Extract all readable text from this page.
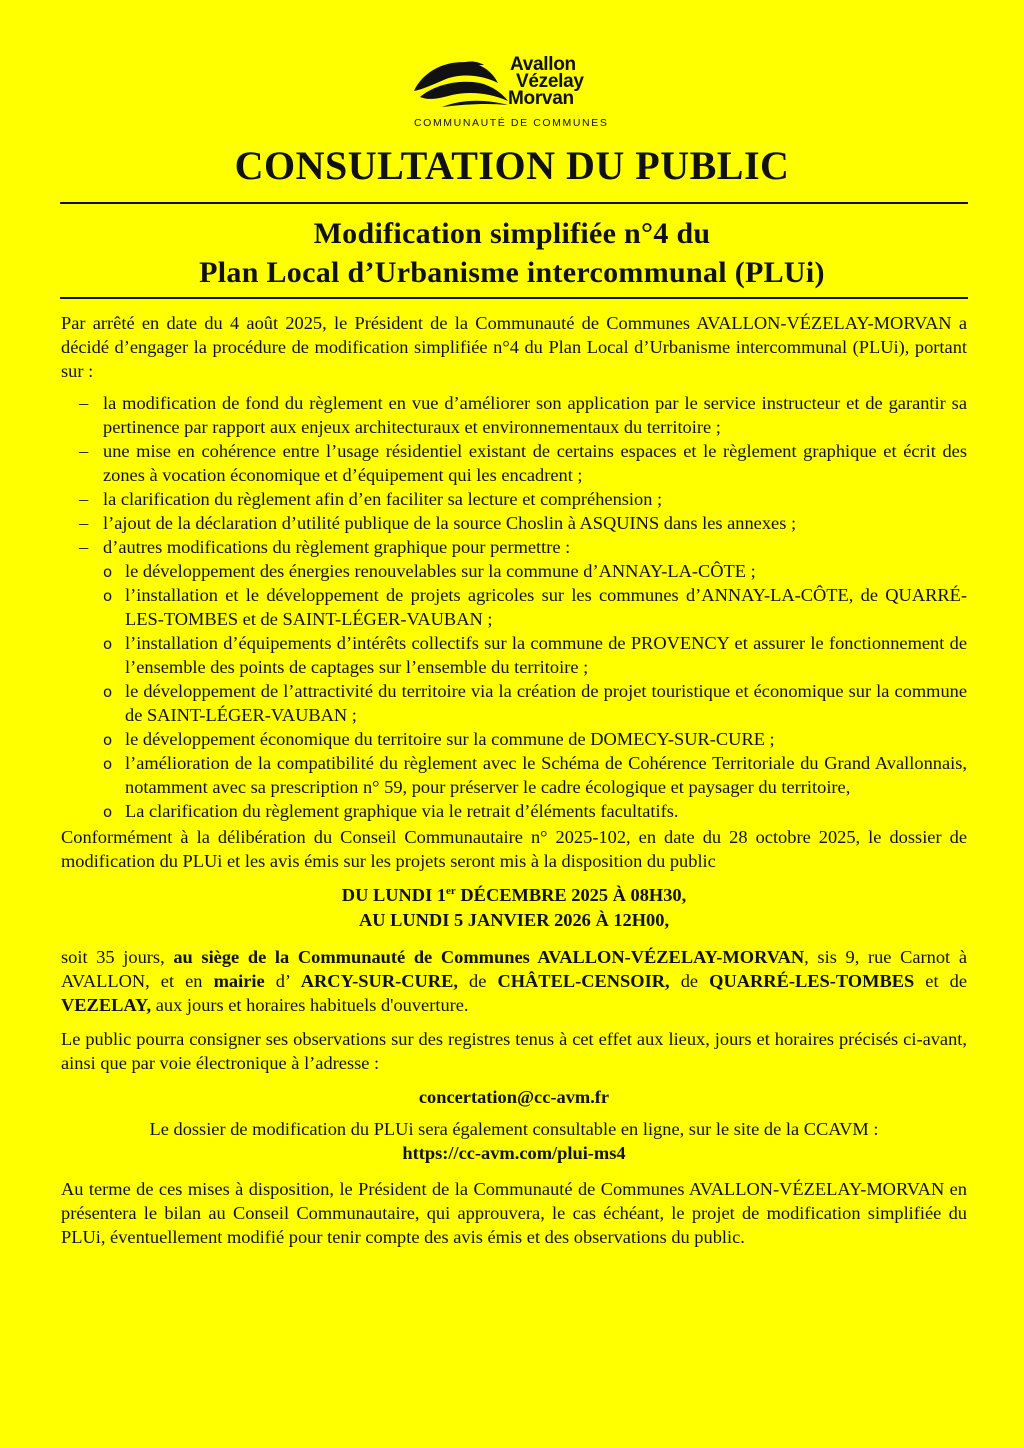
Avallon
Vézelay
Morvan
COMMUNAUTÉ DE COMMUNES
CONSULTATION DU PUBLIC
Modification simplifiée n°4 du
Plan Local d’Urbanisme intercommunal (PLUi)

Par arrêté en date du 4 août 2025, le Président de la Communauté de Communes AVALLON-VÉZELAY-MORVAN a décidé d’engager la procédure de modification simplifiée n°4 du Plan Local d’Urbanisme intercommunal (PLUi), portant sur :

– la modification de fond du règlement en vue d’améliorer son application par le service instructeur et de garantir sa pertinence par rapport aux enjeux architecturaux et environnementaux du territoire ;
– une mise en cohérence entre l’usage résidentiel existant de certains espaces et le règlement graphique et écrit des zones à vocation économique et d’équipement qui les encadrent ;
– la clarification du règlement afin d’en faciliter sa lecture et compréhension ;
– l’ajout de la déclaration d’utilité publique de la source Choslin à ASQUINS dans les annexes ;
– d’autres modifications du règlement graphique pour permettre :
o le développement des énergies renouvelables sur la commune d’ANNAY-LA-CÔTE ;
o l’installation et le développement de projets agricoles sur les communes d’ANNAY-LA-CÔTE, de QUARRÉ-LES-TOMBES et de SAINT-LÉGER-VAUBAN ;
o l’installation d’équipements d’intérêts collectifs sur la commune de PROVENCY et assurer le fonctionnement de l’ensemble des points de captages sur l’ensemble du territoire ;
o le développement de l’attractivité du territoire via la création de projet touristique et économique sur la commune de SAINT-LÉGER-VAUBAN ;
o le développement économique du territoire sur la commune de DOMECY-SUR-CURE ;
o l’amélioration de la compatibilité du règlement avec le Schéma de Cohérence Territoriale du Grand Avallonnais, notamment avec sa prescription n° 59, pour préserver le cadre écologique et paysager du territoire,
o La clarification du règlement graphique via le retrait d’éléments facultatifs.

Conformément à la délibération du Conseil Communautaire n° 2025-102, en date du 28 octobre 2025, le dossier de modification du PLUi et les avis émis sur les projets seront mis à la disposition du public

DU LUNDI 1er DÉCEMBRE 2025 À 08H30,
AU LUNDI 5 JANVIER 2026 À 12H00,

soit 35 jours, au siège de la Communauté de Communes AVALLON-VÉZELAY-MORVAN, sis 9, rue Carnot à AVALLON, et en mairie d’ ARCY-SUR-CURE, de CHÂTEL-CENSOIR, de QUARRÉ-LES-TOMBES et de VEZELAY, aux jours et horaires habituels d'ouverture.

Le public pourra consigner ses observations sur des registres tenus à cet effet aux lieux, jours et horaires précisés ci-avant, ainsi que par voie électronique à l’adresse :

concertation@cc-avm.fr

Le dossier de modification du PLUi sera également consultable en ligne, sur le site de la CCAVM :

https://cc-avm.com/plui-ms4

Au terme de ces mises à disposition, le Président de la Communauté de Communes AVALLON-VÉZELAY-MORVAN en présentera le bilan au Conseil Communautaire, qui approuvera, le cas échéant, le projet de modification simplifiée du PLUi, éventuellement modifié pour tenir compte des avis émis et des observations du public.
